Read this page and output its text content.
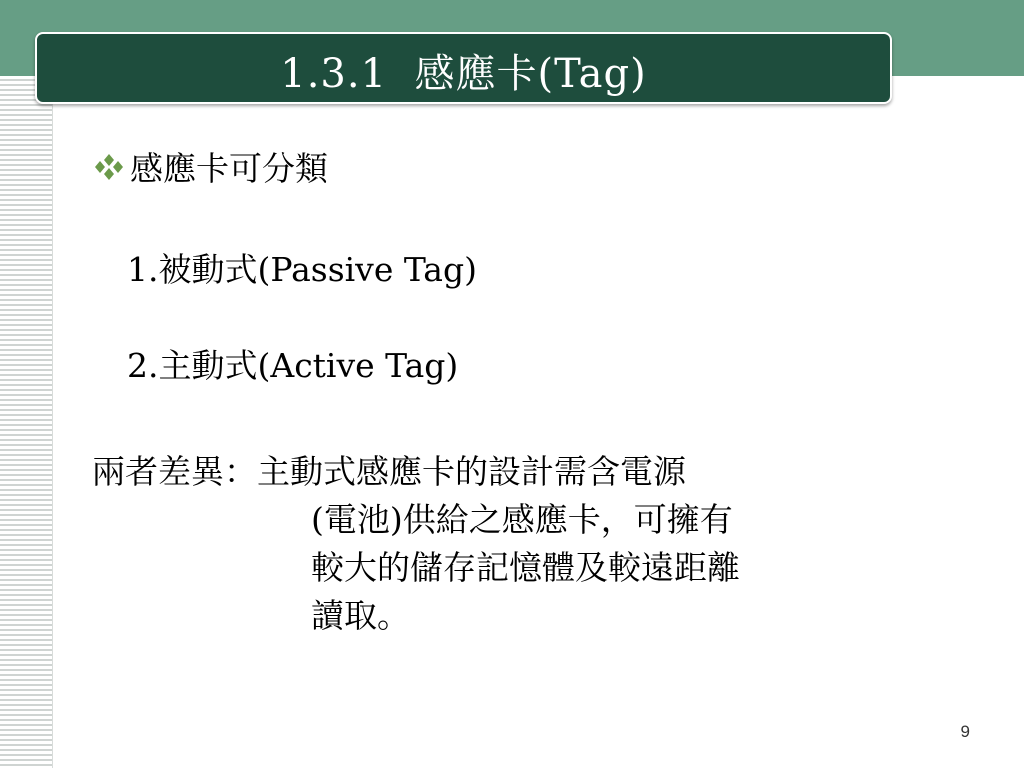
1.3.1  感應卡(Tag)
感應卡可分類
1.被動式(Passive Tag)
2.主動式(Active Tag)
兩者差異： 主動式感應卡的設計需含電源
(電池)供給之感應卡，可擁有
較大的儲存記憶體及較遠距離
讀取。
9
